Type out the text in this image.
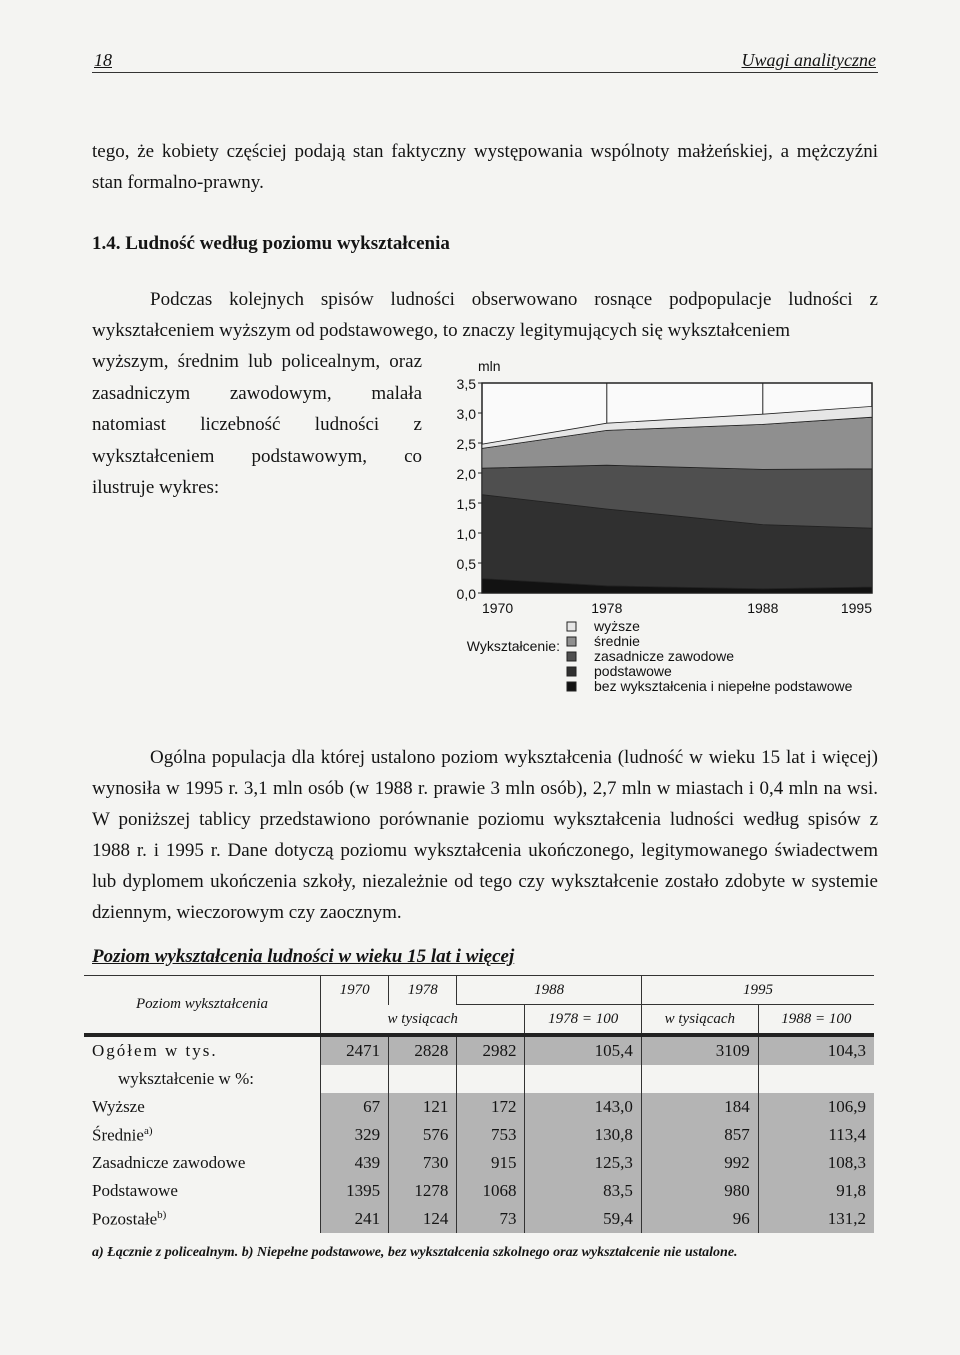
18	Uwagi analityczne
tego, że kobiety częściej podają stan faktyczny występowania wspólnoty małżeńskiej, a mężczyźni stan formalno-prawny.
1.4. Ludność według poziomu wykształcenia
Podczas kolejnych spisów ludności obserwowano rosnące podpopulacje ludności z wykształceniem wyższym od podstawowego, to znaczy legitymujących się wykształceniem
wyższym, średnim lub policealnym, oraz zasadniczym zawodowym, malała natomiast liczebność ludności z wykształceniem podstawowym, co ilustruje wykres:
0,0
0,5
1,0
1,5
2,0
2,5
3,0
3,5
mln
1970	1978	1988	1995
Wykształcenie:
wyższe
średnie
zasadnicze zawodowe
podstawowe
bez wykształcenia i niepełne podstawowe
Ogólna populacja dla której ustalono poziom wykształcenia (ludność w wieku 15 lat i więcej) wynosiła w 1995 r. 3,1 mln osób (w 1988 r. prawie 3 mln osób), 2,7 mln w miastach i 0,4 mln na wsi. W poniższej tablicy przedstawiono porównanie poziomu wykształcenia ludności według spisów z 1988 r. i 1995 r. Dane dotyczą poziomu wykształcenia ukończonego, legitymowanego świadectwem lub dyplomem ukończenia szkoły, niezależnie od tego czy wykształcenie zostało zdobyte w systemie dziennym, wieczorowym czy zaocznym.
Poziom wykształcenia ludności w wieku 15 lat i więcej
Poziom wykształcenia	1970	1978	1988		1995	
	w tysiącach			1978 = 100	w tysiącach	1988 = 100
Ogółem w tys.	2471	2828	2982	105,4	3109	104,3
wykształcenie w %:						
Wyższe	67	121	172	143,0	184	106,9
Średnie$^{a)}$	329	576	753	130,8	857	113,4
Zasadnicze zawodowe	439	730	915	125,3	992	108,3
Podstawowe	1395	1278	1068	83,5	980	91,8
Pozostałe$^{b)}$	241	124	73	59,4	96	131,2
a) Łącznie z policealnym. b) Niepełne podstawowe, bez wykształcenia szkolnego oraz wykształcenie nie ustalone.
